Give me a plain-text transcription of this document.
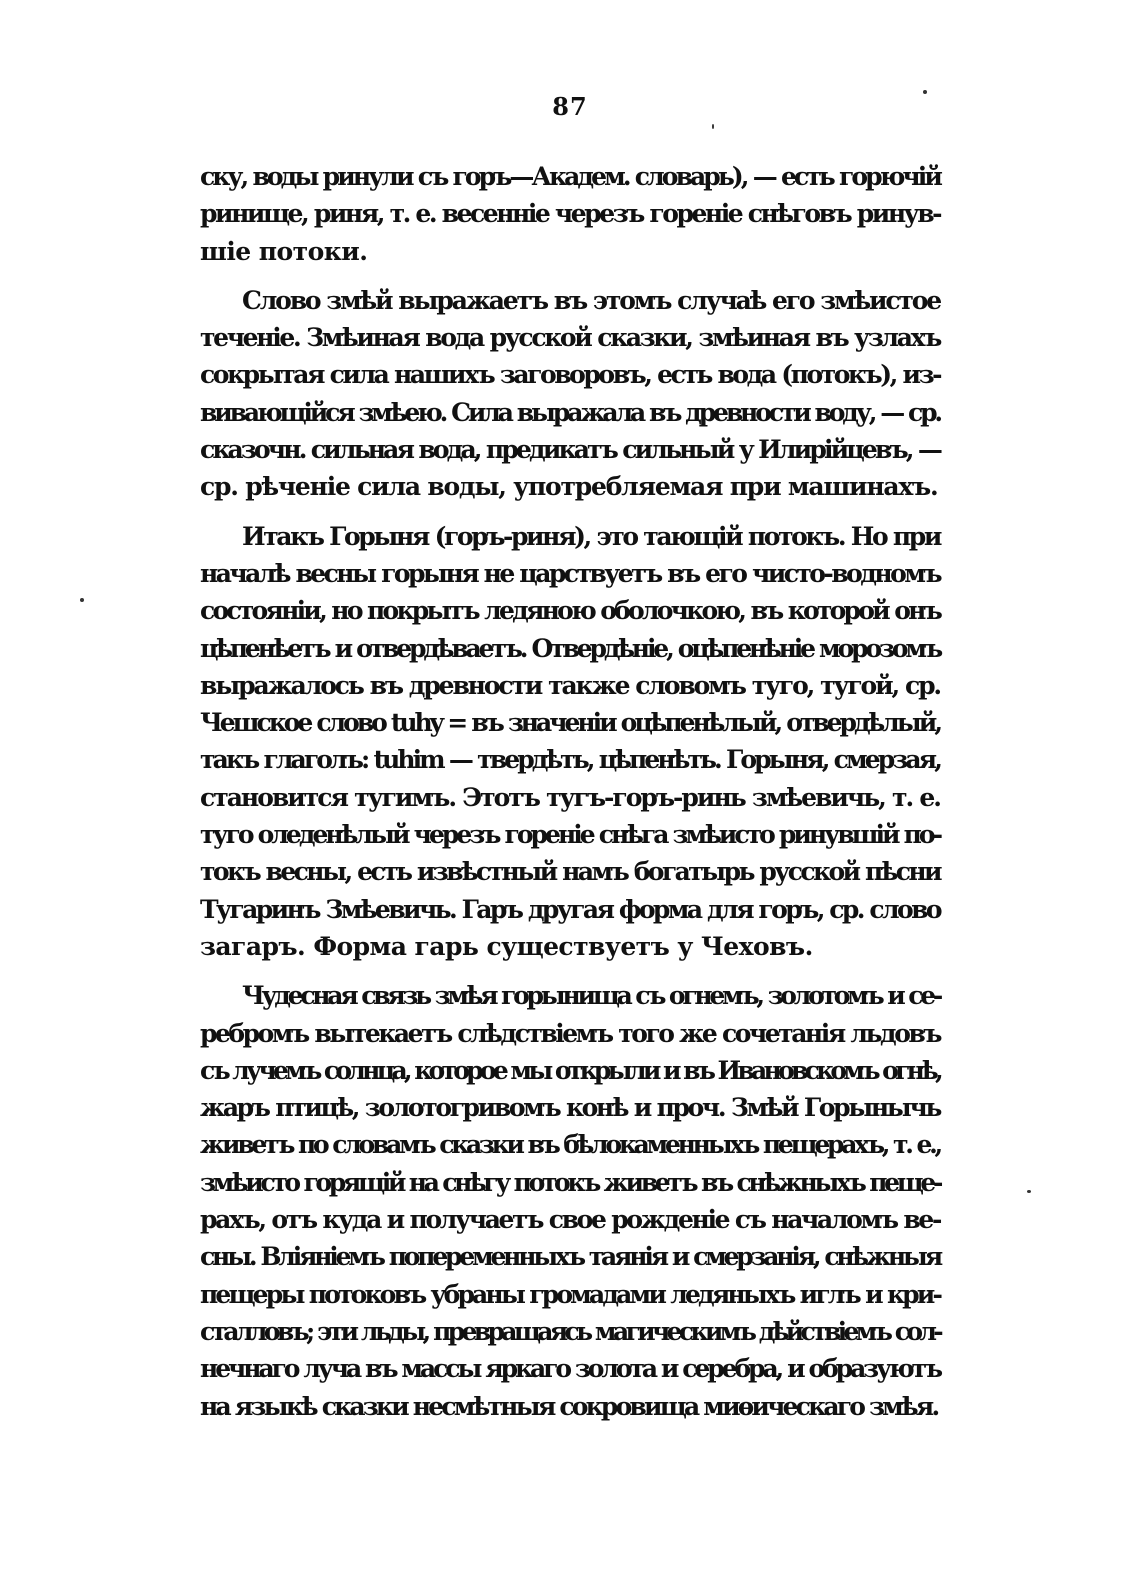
87
ску, воды ринули съ горъ—Академ. словарь), — есть горючій
ринище, риня, т. е. весенніе черезъ гореніе снѣговъ ринув-
шіе потоки.
Слово змѣй выражаетъ въ этомъ случаѣ его змѣистое
теченіе. Змѣиная вода русской сказки, змѣиная въ узлахъ
сокрытая сила нашихъ заговоровъ, есть вода (потокъ), из-
вивающійся змѣею. Сила выражала въ древности воду, — ср.
сказочн. сильная вода, предикатъ сильный у Илирійцевъ, —
ср. рѣченіе сила воды, употребляемая при машинахъ.
Итакъ Горыня (горъ-риня), это тающій потокъ. Но при
началѣ весны горыня не царствуетъ въ его чисто-водномъ
состояніи, но покрытъ ледяною оболочкою, въ которой онъ
цѣпенѣетъ и отвердѣваетъ. Отвердѣніе, оцѣпенѣніе морозомъ
выражалось въ древности также словомъ туго, тугой, ср.
Чешское слово tuhy = въ значеніи оцѣпенѣлый, отвердѣлый,
такъ глаголъ: tuhim — твердѣть, цѣпенѣть. Горыня, смерзая,
становится тугимъ. Этотъ тугъ-горъ-ринь змѣевичь, т. е.
туго оледенѣлый черезъ гореніе снѣга змѣисто ринувшій по-
токъ весны, есть извѣстный намъ богатырь русской пѣсни
Тугаринъ Змѣевичь. Гаръ другая форма для горъ, ср. слово
загаръ. Форма гарь существуетъ у Чеховъ.
Чудесная связь змѣя горынища съ огнемъ, золотомъ и се-
ребромъ вытекаетъ слѣдствіемъ того же сочетанія льдовъ
съ лучемъ солнца, которое мы открыли и въ Ивановскомъ огнѣ,
жаръ птицѣ, золотогривомъ конѣ и проч. Змѣй Горынычь
живетъ по словамъ сказки въ бѣлокаменныхъ пещерахъ, т. е.,
змѣисто горящій на снѣгу потокъ живетъ въ снѣжныхъ пеще-
рахъ, отъ куда и получаетъ свое рожденіе съ началомъ ве-
сны. Вліяніемъ попеременныхъ таянія и смерзанія, снѣжныя
пещеры потоковъ убраны громадами ледяныхъ иглъ и кри-
сталловъ; эти льды, превращаясь магическимъ дѣйствіемъ сол-
нечнаго луча въ массы яркаго золота и серебра, и образуютъ
на языкѣ сказки несмѣтныя сокровища миѳическаго змѣя.
